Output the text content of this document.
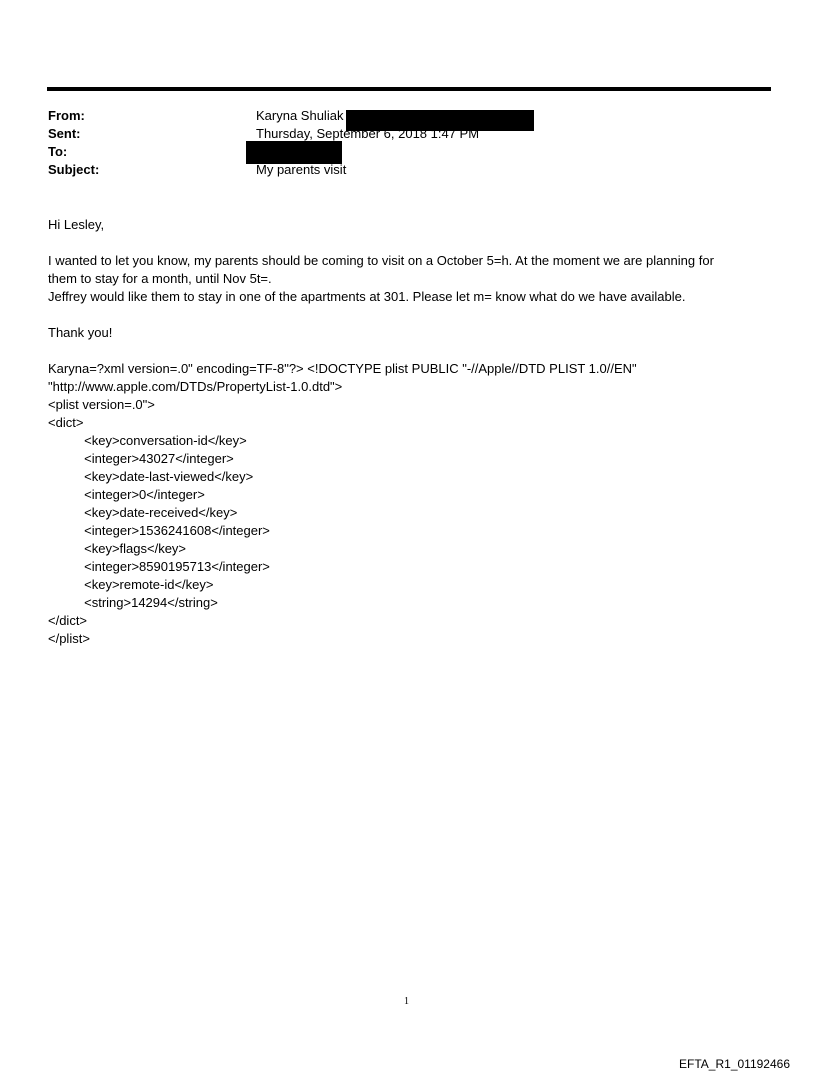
From:	Karyna Shuliak
Sent:	Thursday, September 6, 2018 1:47 PM
To:
Subject:	My parents visit
Hi Lesley,
I wanted to let you know, my parents should be coming to visit on a October 5=h. At the moment we are planning for
them to stay for a month, until Nov 5t=.
Jeffrey would like them to stay in one of the apartments at 301. Please let m= know what do we have available.
Thank you!
Karyna=?xml version=.0" encoding=TF-8"?> <!DOCTYPE plist PUBLIC "-//Apple//DTD PLIST 1.0//EN"
"http://www.apple.com/DTDs/PropertyList-1.0.dtd">
<plist version=.0">
<dict>
<key>conversation-id</key>
<integer>43027</integer>
<key>date-last-viewed</key>
<integer>0</integer>
<key>date-received</key>
<integer>1536241608</integer>
<key>flags</key>
<integer>8590195713</integer>
<key>remote-id</key>
<string>14294</string>
</dict>
</plist>
1
EFTA_R1_01192466
